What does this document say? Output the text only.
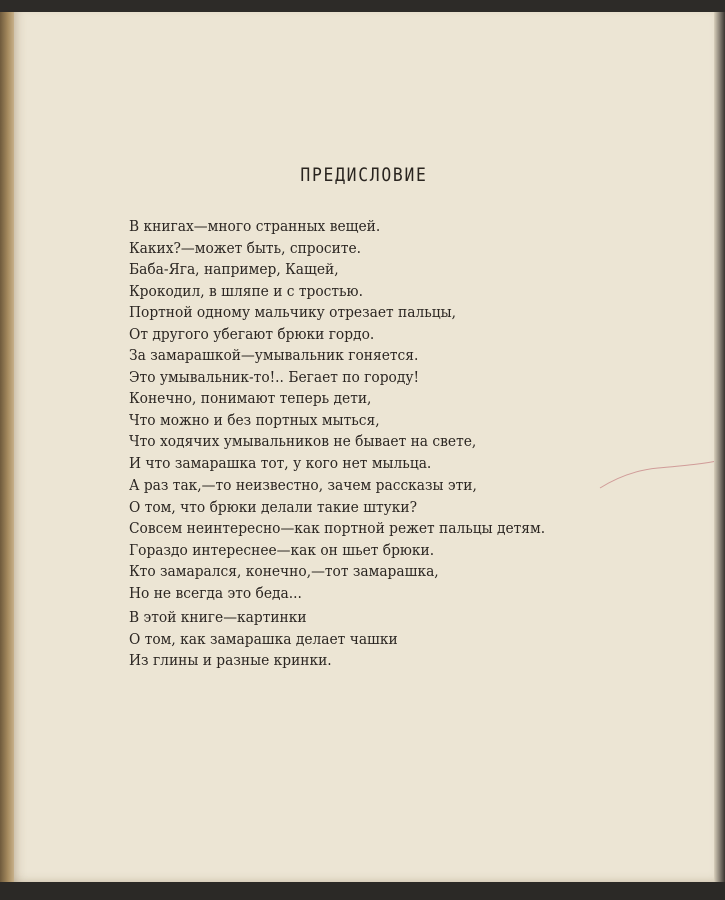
ПРЕДИСЛОВИЕ
В книгах—много странных вещей.
Каких?—может быть, спросите.
Баба-Яга, например, Кащей,
Крокодил, в шляпе и с тростью.
Портной одному мальчику отрезает пальцы,
От другого убегают брюки гордо.
За замарашкой—умывальник гоняется.
Это умывальник-то!.. Бегает по городу!
Конечно, понимают теперь дети,
Что можно и без портных мыться,
Что ходячих умывальников не бывает на свете,
И что замарашка тот, у кого нет мыльца.
А раз так,—то неизвестно, зачем рассказы эти,
О том, что брюки делали такие штуки?
Совсем неинтересно—как портной режет пальцы детям.
Гораздо интереснее—как он шьет брюки.
Кто замарался, конечно,—тот замарашка,
Но не всегда это беда...
В этой книге—картинки
О том, как замарашка делает чашки
Из глины и разные кринки.
